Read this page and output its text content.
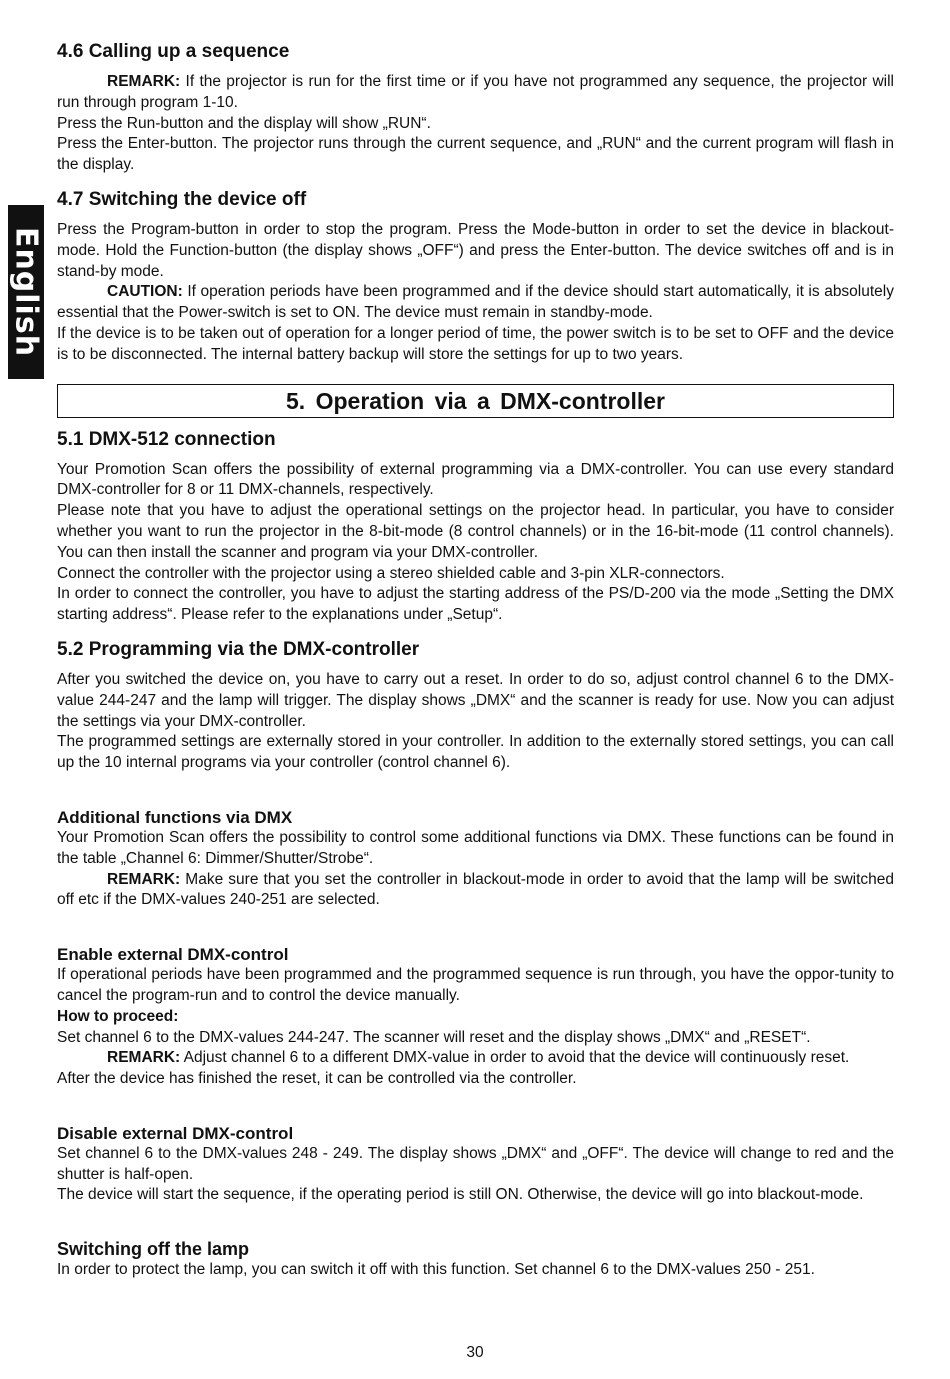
English
4.6 Calling up a sequence

REMARK: If the projector is run for the first time or if you have not programmed any sequence, the projector will run through program 1-10.

Press the Run-button and the display will show „RUN“.

Press the Enter-button. The projector runs through the current sequence, and „RUN“ and the current program will flash in the display.

4.7 Switching the device off

Press the Program-button in order to stop the program. Press the Mode-button in order to set the device in blackout-mode. Hold the Function-button (the display shows „OFF“) and press the Enter-button. The device switches off and is in stand-by mode.

CAUTION: If operation periods have been programmed and if the device should start automatically, it is absolutely essential that the Power-switch is set to ON. The device must remain in standby-mode.

If the device is to be taken out of operation for a longer period of time, the power switch is to be set to OFF and the device is to be disconnected. The internal battery backup will store the settings for up to two years.

5. Operation via a DMX-controller
5.1 DMX-512 connection

Your Promotion Scan offers the possibility of external programming via a DMX-controller. You can use every standard DMX-controller for 8 or 11 DMX-channels, respectively.

Please note that you have to adjust the operational settings on the projector head. In particular, you have to consider whether you want to run the projector in the 8-bit-mode (8 control channels) or in the 16-bit-mode (11 control channels). You can then install the scanner and program via your DMX-controller.

Connect the controller with the projector using a stereo shielded cable and 3-pin XLR-connectors.

In order to connect the controller, you have to adjust the starting address of the PS/D-200 via the mode „Setting the DMX starting address“. Please refer to the explanations under „Setup“.

5.2 Programming via the DMX-controller

After you switched the device on, you have to carry out a reset. In order to do so, adjust control channel 6 to the DMX-value 244-247 and the lamp will trigger. The display shows „DMX“ and the scanner is ready for use. Now you can adjust the settings via your DMX-controller.

The programmed settings are externally stored in your controller. In addition to the externally stored settings, you can call up the 10 internal programs via your controller (control channel 6).

Additional functions via DMX

Your Promotion Scan offers the possibility to control some additional functions via DMX. These functions can be found in the table „Channel 6: Dimmer/Shutter/Strobe“.

REMARK: Make sure that you set the controller in blackout-mode in order to avoid that the lamp will be switched off etc if the DMX-values 240-251 are selected.

Enable external DMX-control

If operational periods have been programmed and the programmed sequence is run through, you have the oppor-tunity to cancel the program-run and to control the device manually.

How to proceed:

Set channel 6 to the DMX-values 244-247. The scanner will reset and the display shows „DMX“ and „RESET“.

REMARK: Adjust channel 6 to a different DMX-value in order to avoid that the device will continuously reset.

After the device has finished the reset, it can be controlled via the controller.

Disable external DMX-control

Set channel 6 to the DMX-values 248 - 249. The display shows „DMX“ and „OFF“. The device will change to red and the shutter is half-open.

The device will start the sequence, if the operating period is still ON. Otherwise, the device will go into blackout-mode.

Switching off the lamp

In order to protect the lamp, you can switch it off with this function. Set channel 6 to the DMX-values 250 - 251.

30
